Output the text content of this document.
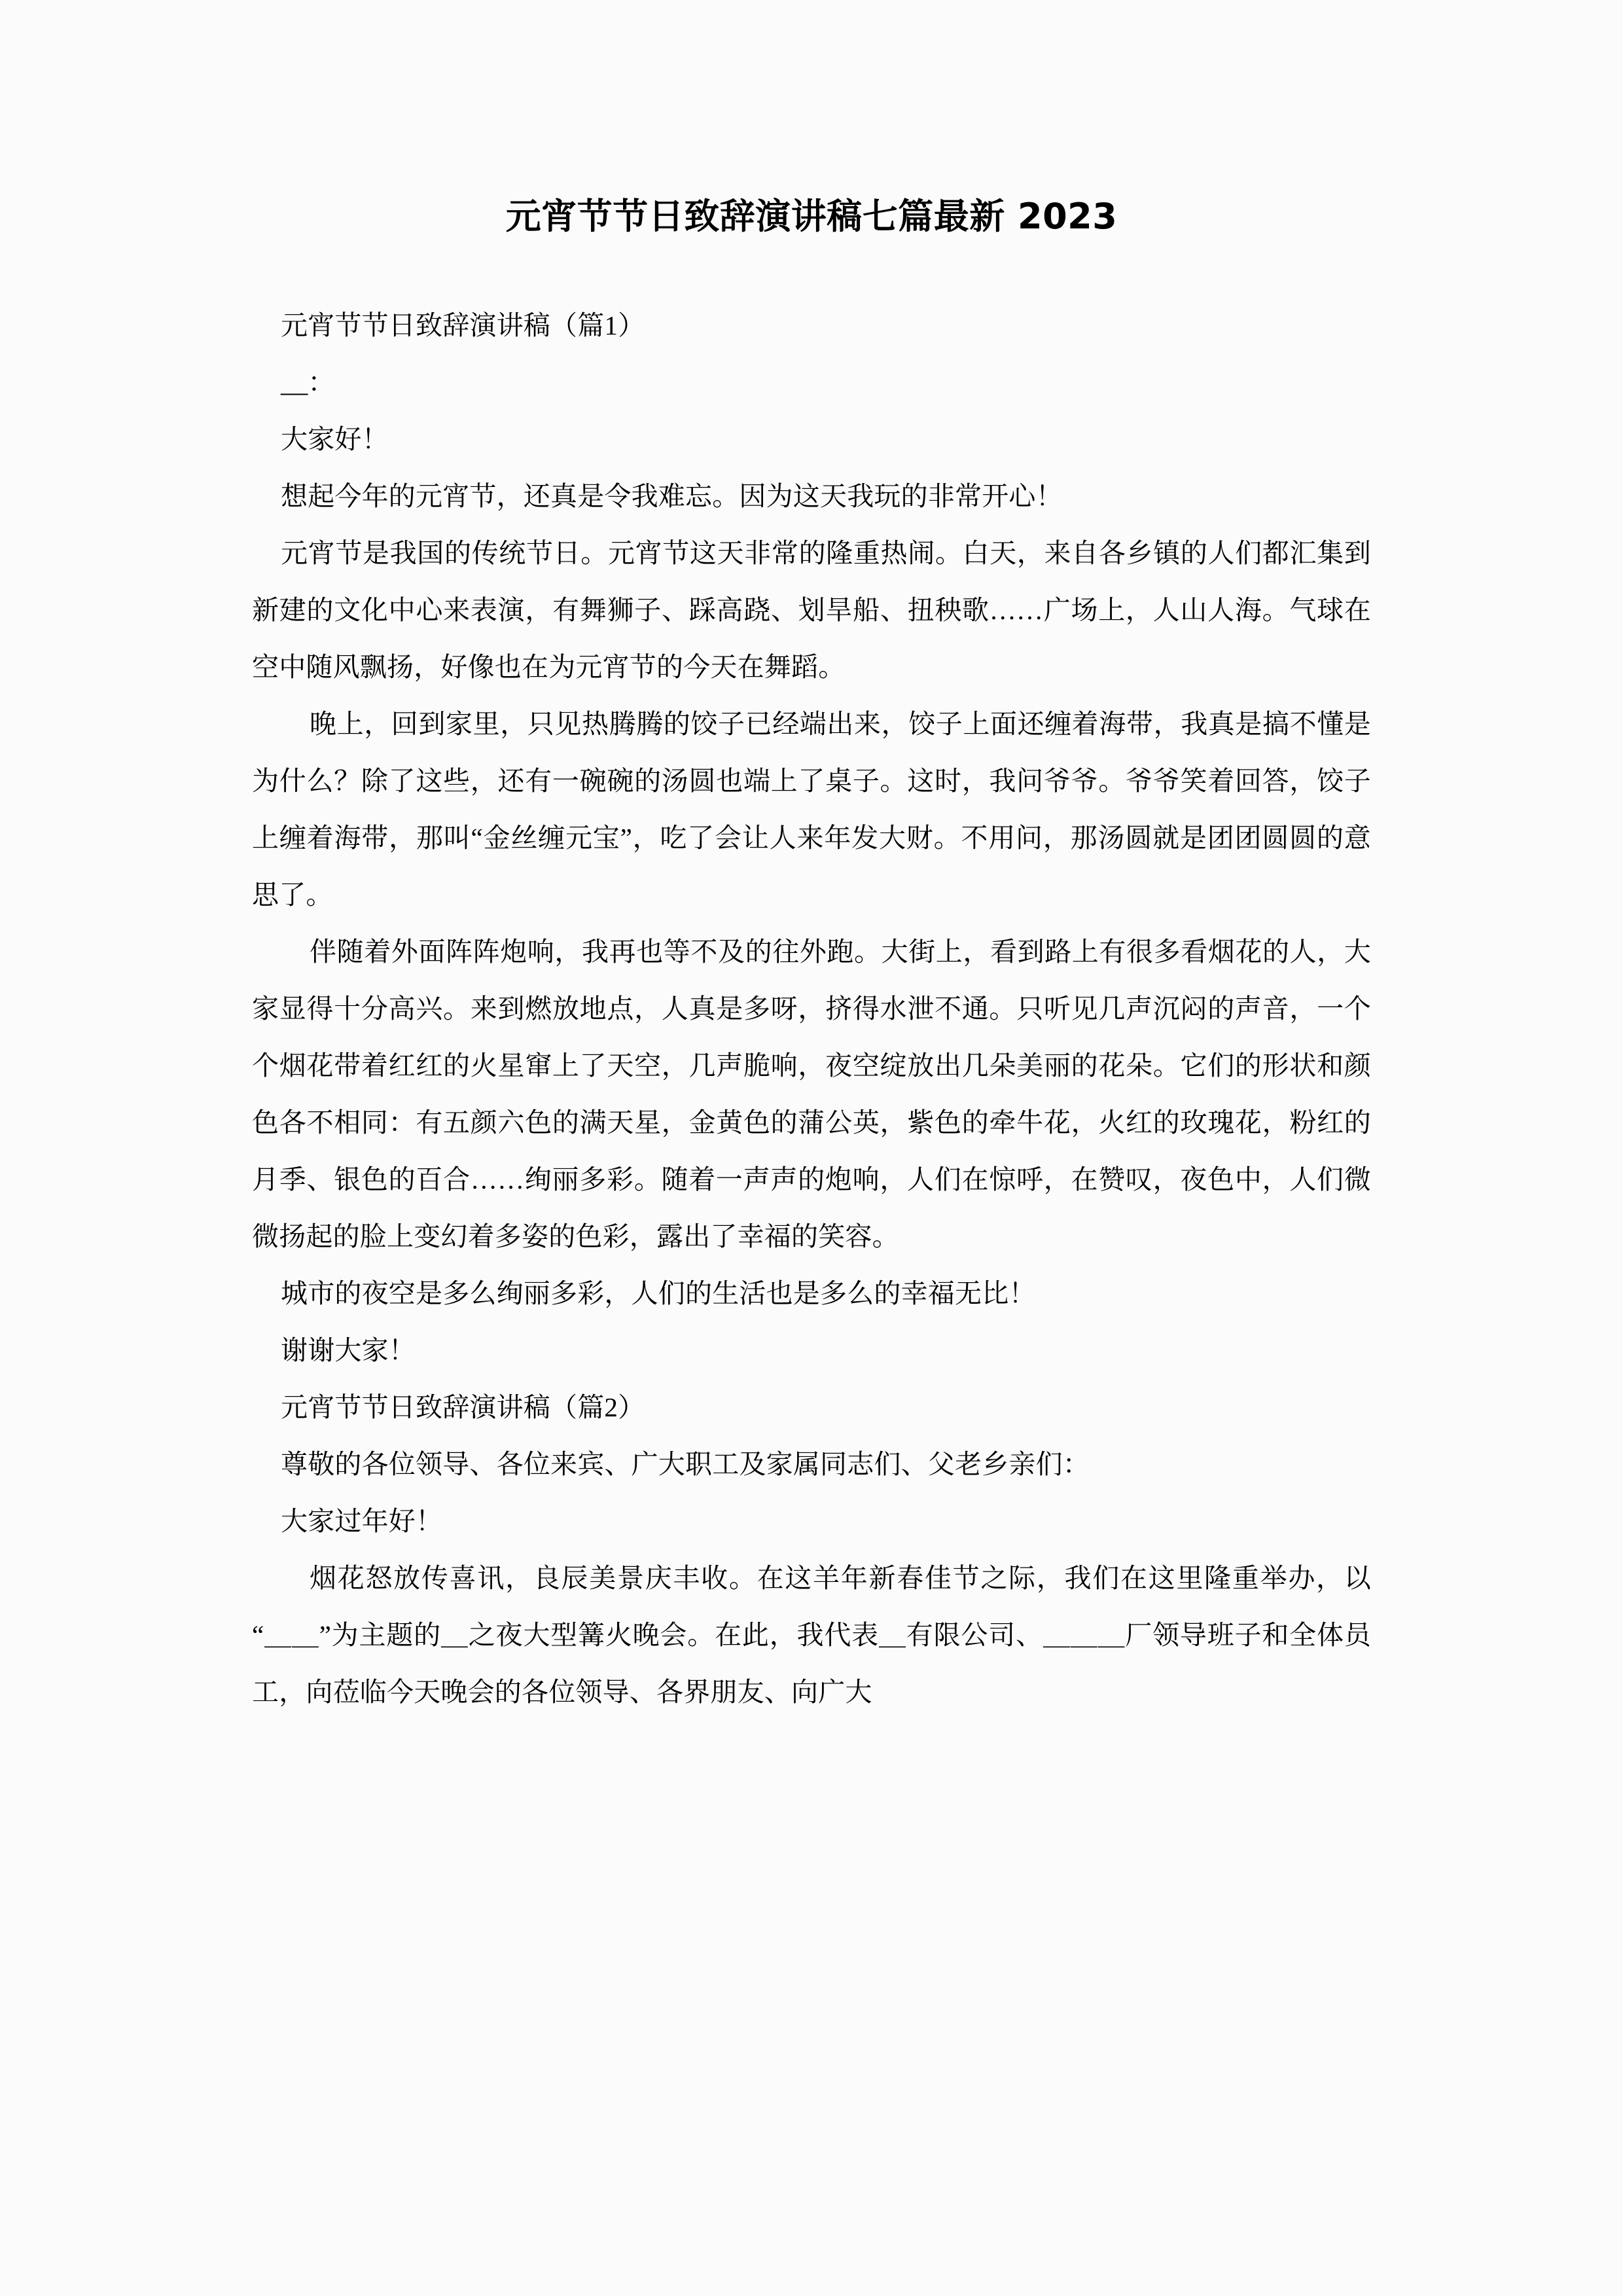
元宵节节日致辞演讲稿七篇最新 2023

元宵节节日致辞演讲稿（篇1）

__：

大家好！

想起今年的元宵节，还真是令我难忘。因为这天我玩的非常开心！

元宵节是我国的传统节日。元宵节这天非常的隆重热闹。白天，来自各乡镇的人们都汇集到新建的文化中心来表演，有舞狮子、踩高跷、划旱船、扭秧歌……广场上，人山人海。气球在空中随风飘扬，好像也在为元宵节的今天在舞蹈。

晚上，回到家里，只见热腾腾的饺子已经端出来，饺子上面还缠着海带，我真是搞不懂是为什么？除了这些，还有一碗碗的汤圆也端上了桌子。这时，我问爷爷。爷爷笑着回答，饺子上缠着海带，那叫“金丝缠元宝”，吃了会让人来年发大财。不用问，那汤圆就是团团圆圆的意思了。

伴随着外面阵阵炮响，我再也等不及的往外跑。大街上，看到路上有很多看烟花的人，大家显得十分高兴。来到燃放地点，人真是多呀，挤得水泄不通。只听见几声沉闷的声音，一个个烟花带着红红的火星窜上了天空，几声脆响，夜空绽放出几朵美丽的花朵。它们的形状和颜色各不相同：有五颜六色的满天星，金黄色的蒲公英，紫色的牵牛花，火红的玫瑰花，粉红的月季、银色的百合……绚丽多彩。随着一声声的炮响，人们在惊呼，在赞叹，夜色中，人们微微扬起的脸上变幻着多姿的色彩，露出了幸福的笑容。

城市的夜空是多么绚丽多彩，人们的生活也是多么的幸福无比！

谢谢大家！

元宵节节日致辞演讲稿（篇2）

尊敬的各位领导、各位来宾、广大职工及家属同志们、父老乡亲们：

大家过年好！

烟花怒放传喜讯，良辰美景庆丰收。在这羊年新春佳节之际，我们在这里隆重举办，以“＿＿”为主题的＿之夜大型篝火晚会。在此，我代表＿有限公司、＿＿＿厂领导班子和全体员工，向莅临今天晚会的各位领导、各界朋友、向广大
